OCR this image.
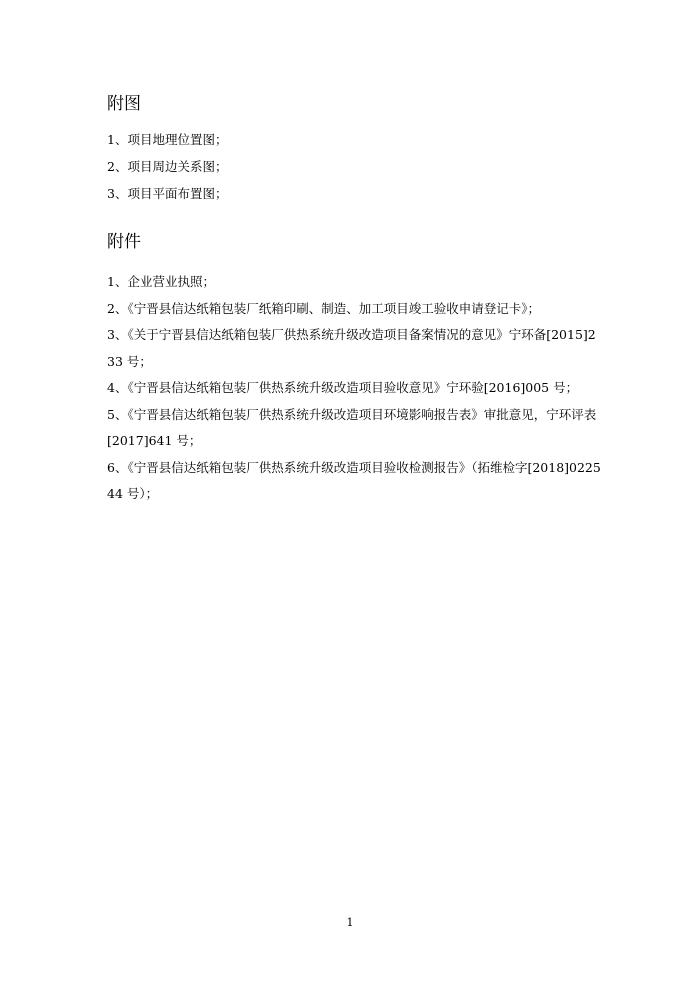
附图
1、项目地理位置图；
2、项目周边关系图；
3、项目平面布置图；
附件
1、企业营业执照；
2、《宁晋县信达纸箱包装厂纸箱印刷、制造、加工项目竣工验收申请登记卡》；
3、《关于宁晋县信达纸箱包装厂供热系统升级改造项目备案情况的意见》宁环备[2015]233 号；
4、《宁晋县信达纸箱包装厂供热系统升级改造项目验收意见》宁环验[2016]005 号；
5、《宁晋县信达纸箱包装厂供热系统升级改造项目环境影响报告表》审批意见，宁环评表[2017]641 号；
6、《宁晋县信达纸箱包装厂供热系统升级改造项目验收检测报告》（拓维检字[2018]022544 号）；
1
